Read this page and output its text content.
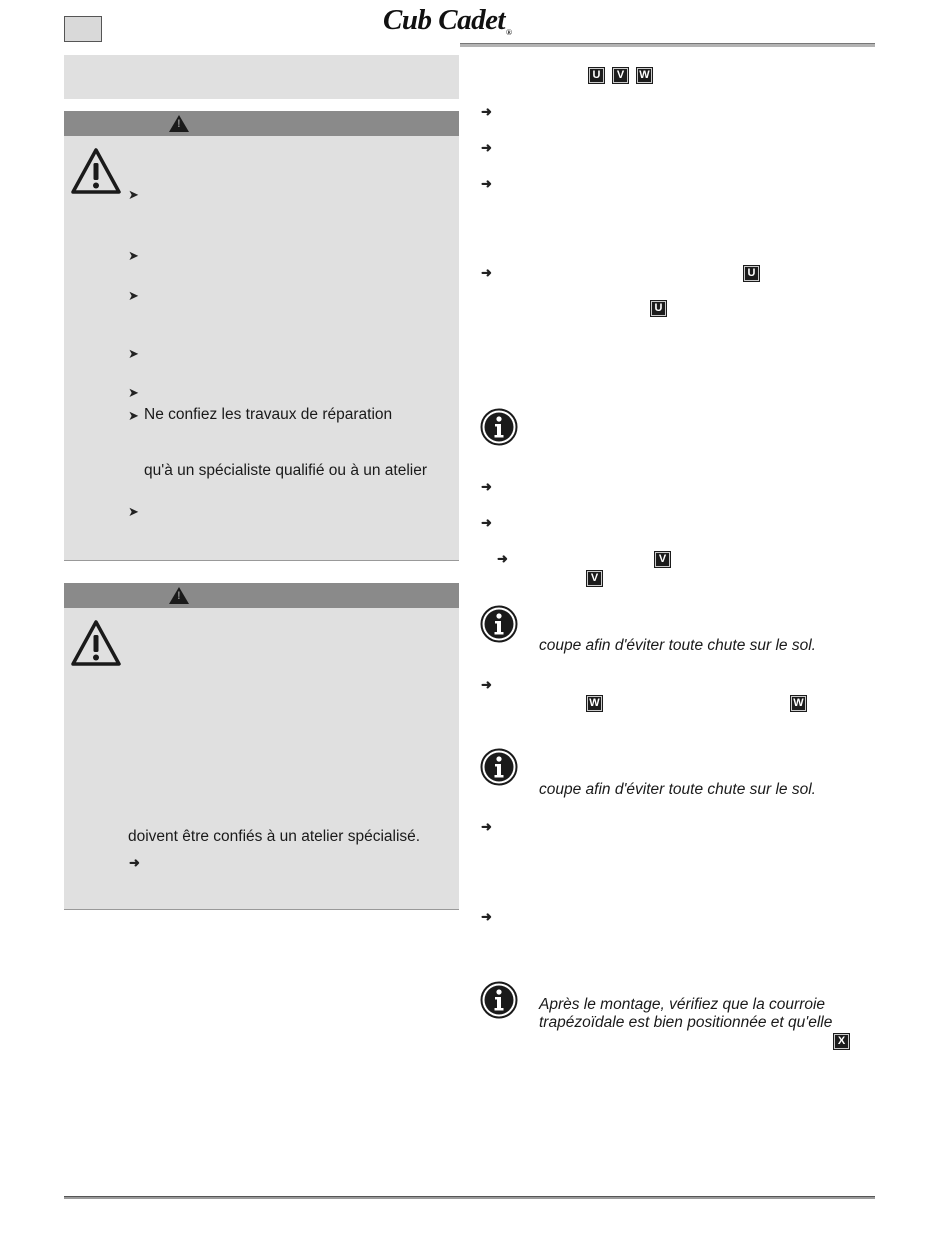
Cub Cadet®
!
➤
➤
➤
➤
➤
➤ Ne confiez les travaux de réparation
qu'à un spécialiste qualifié ou à un atelier
➤
!
doivent être confiés à un atelier spécialisé.
➜
U	V	W
➜
➜
➜
➜	U
U
➜
➜
➜	V
V
coupe afin d'éviter toute chute sur le sol.
➜
W	W
coupe afin d'éviter toute chute sur le sol.
➜
➜
Après le montage, vérifiez que la courroie
trapézoïdale est bien positionnée et qu'elle
X
